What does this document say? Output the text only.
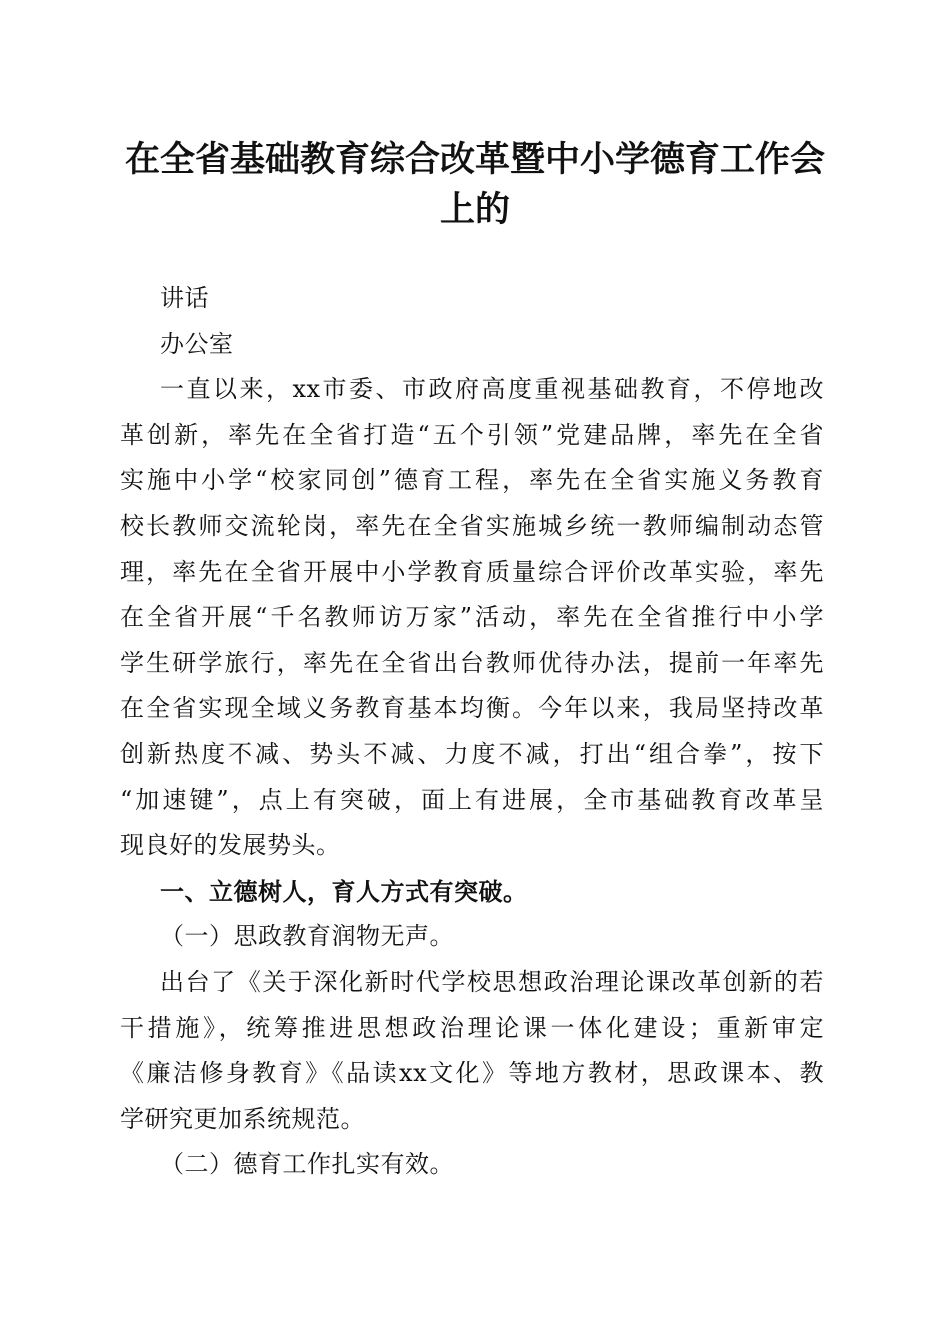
在全省基础教育综合改革暨中小学德育工作会
上的
讲话
办公室
一直以来，xx市委、市政府高度重视基础教育，不停地改
革创新，率先在全省打造“五个引领”党建品牌，率先在全省
实施中小学“校家同创”德育工程，率先在全省实施义务教育
校长教师交流轮岗，率先在全省实施城乡统一教师编制动态管
理，率先在全省开展中小学教育质量综合评价改革实验，率先
在全省开展“千名教师访万家”活动，率先在全省推行中小学
学生研学旅行，率先在全省出台教师优待办法，提前一年率先
在全省实现全域义务教育基本均衡。今年以来，我局坚持改革
创新热度不减、势头不减、力度不减，打出“组合拳”，按下
“加速键”，点上有突破，面上有进展，全市基础教育改革呈
现良好的发展势头。
一、立德树人，育人方式有突破。
（一）思政教育润物无声。
出台了《关于深化新时代学校思想政治理论课改革创新的若
干措施》，统筹推进思想政治理论课一体化建设；重新审定
《廉洁修身教育》《品读xx文化》等地方教材，思政课本、教
学研究更加系统规范。
（二）德育工作扎实有效。
